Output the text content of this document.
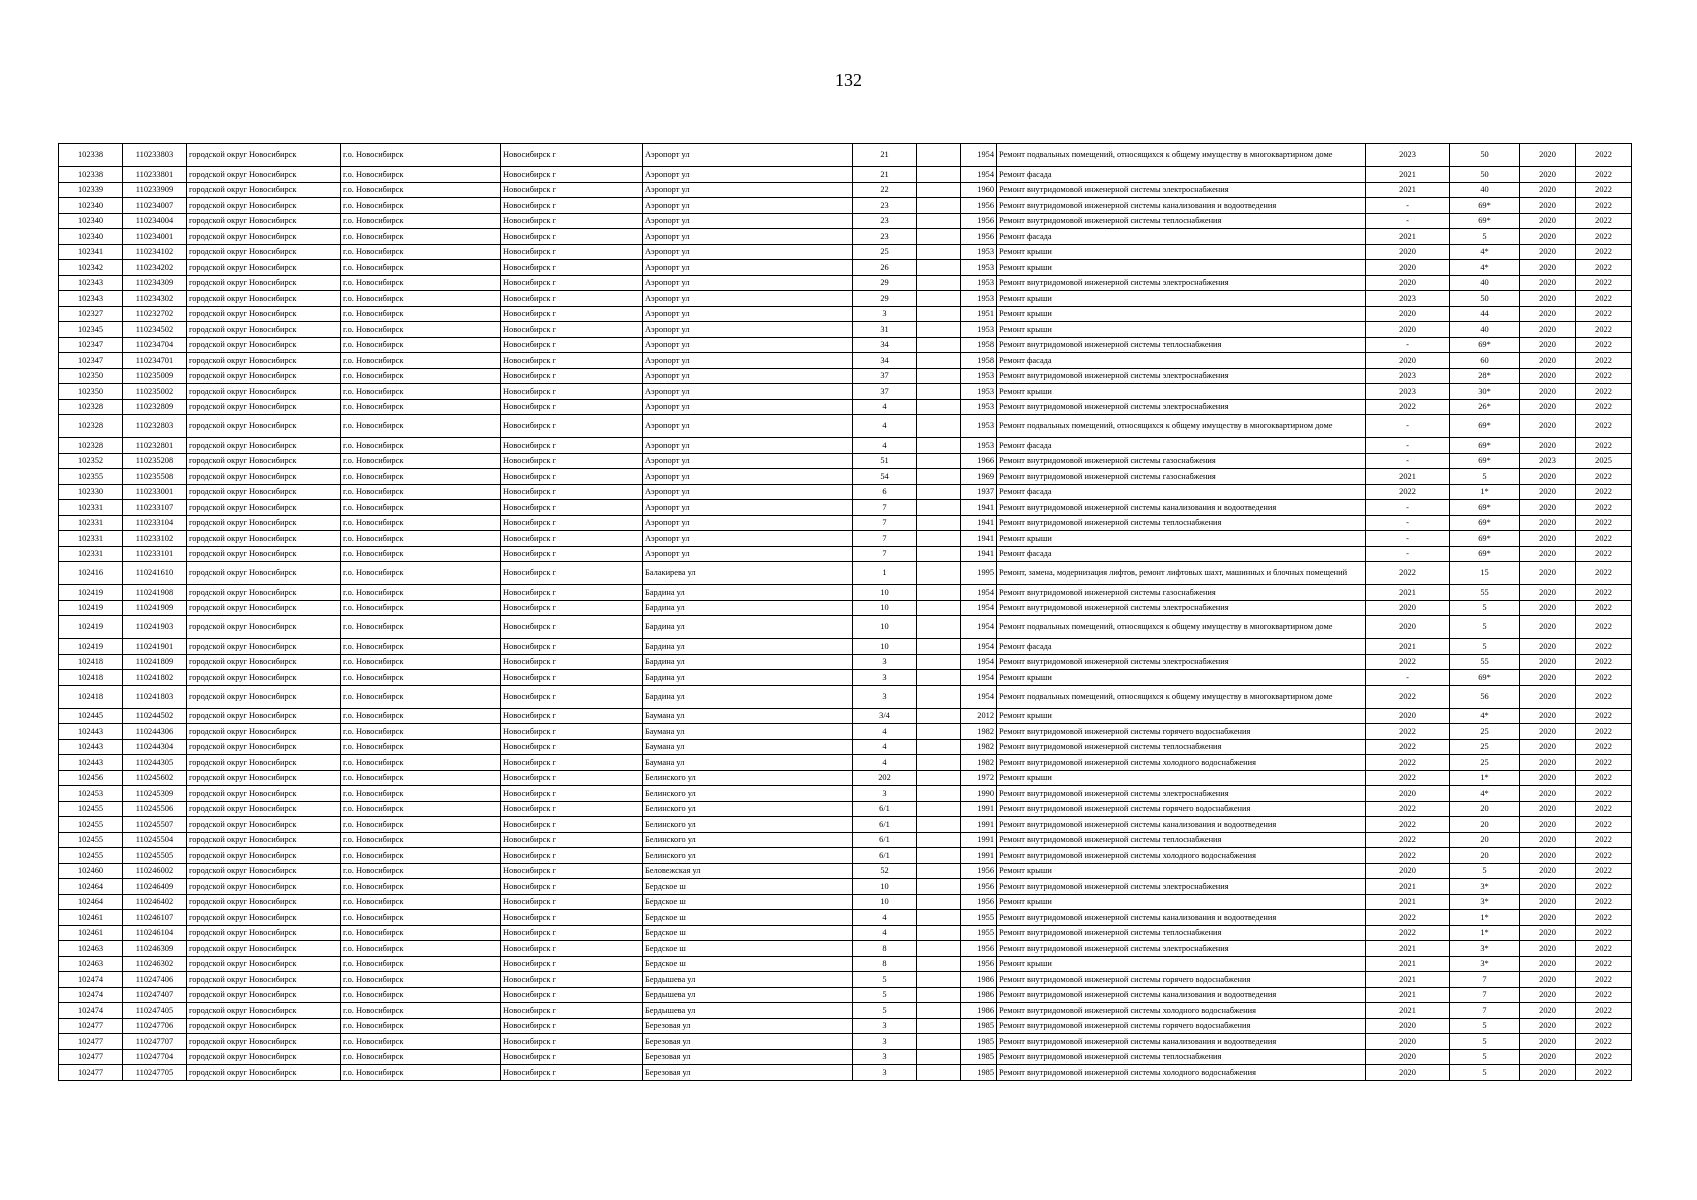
132
102338	110233803	городской округ Новосибирск	г.о. Новосибирск	Новосибирск г	Аэропорт ул	21		1954	Ремонт подвальных помещений, относящихся к общему имуществу в многоквартирном доме	2023	50	2020	2022
102338	110233801	городской округ Новосибирск	г.о. Новосибирск	Новосибирск г	Аэропорт ул	21		1954	Ремонт фасада	2021	50	2020	2022
102339	110233909	городской округ Новосибирск	г.о. Новосибирск	Новосибирск г	Аэропорт ул	22		1960	Ремонт внутридомовой инженерной системы электроснабжения	2021	40	2020	2022
102340	110234007	городской округ Новосибирск	г.о. Новосибирск	Новосибирск г	Аэропорт ул	23		1956	Ремонт внутридомовой инженерной системы канализования и водоотведения	-	69*	2020	2022
102340	110234004	городской округ Новосибирск	г.о. Новосибирск	Новосибирск г	Аэропорт ул	23		1956	Ремонт внутридомовой инженерной системы теплоснабжения	-	69*	2020	2022
102340	110234001	городской округ Новосибирск	г.о. Новосибирск	Новосибирск г	Аэропорт ул	23		1956	Ремонт фасада	2021	5	2020	2022
102341	110234102	городской округ Новосибирск	г.о. Новосибирск	Новосибирск г	Аэропорт ул	25		1953	Ремонт крыши	2020	4*	2020	2022
102342	110234202	городской округ Новосибирск	г.о. Новосибирск	Новосибирск г	Аэропорт ул	26		1953	Ремонт крыши	2020	4*	2020	2022
102343	110234309	городской округ Новосибирск	г.о. Новосибирск	Новосибирск г	Аэропорт ул	29		1953	Ремонт внутридомовой инженерной системы электроснабжения	2020	40	2020	2022
102343	110234302	городской округ Новосибирск	г.о. Новосибирск	Новосибирск г	Аэропорт ул	29		1953	Ремонт крыши	2023	50	2020	2022
102327	110232702	городской округ Новосибирск	г.о. Новосибирск	Новосибирск г	Аэропорт ул	3		1951	Ремонт крыши	2020	44	2020	2022
102345	110234502	городской округ Новосибирск	г.о. Новосибирск	Новосибирск г	Аэропорт ул	31		1953	Ремонт крыши	2020	40	2020	2022
102347	110234704	городской округ Новосибирск	г.о. Новосибирск	Новосибирск г	Аэропорт ул	34		1958	Ремонт внутридомовой инженерной системы теплоснабжения	-	69*	2020	2022
102347	110234701	городской округ Новосибирск	г.о. Новосибирск	Новосибирск г	Аэропорт ул	34		1958	Ремонт фасада	2020	60	2020	2022
102350	110235009	городской округ Новосибирск	г.о. Новосибирск	Новосибирск г	Аэропорт ул	37		1953	Ремонт внутридомовой инженерной системы электроснабжения	2023	28*	2020	2022
102350	110235002	городской округ Новосибирск	г.о. Новосибирск	Новосибирск г	Аэропорт ул	37		1953	Ремонт крыши	2023	30*	2020	2022
102328	110232809	городской округ Новосибирск	г.о. Новосибирск	Новосибирск г	Аэропорт ул	4		1953	Ремонт внутридомовой инженерной системы электроснабжения	2022	26*	2020	2022
102328	110232803	городской округ Новосибирск	г.о. Новосибирск	Новосибирск г	Аэропорт ул	4		1953	Ремонт подвальных помещений, относящихся к общему имуществу в многоквартирном доме	-	69*	2020	2022
102328	110232801	городской округ Новосибирск	г.о. Новосибирск	Новосибирск г	Аэропорт ул	4		1953	Ремонт фасада	-	69*	2020	2022
102352	110235208	городской округ Новосибирск	г.о. Новосибирск	Новосибирск г	Аэропорт ул	51		1966	Ремонт внутридомовой инженерной системы газоснабжения	-	69*	2023	2025
102355	110235508	городской округ Новосибирск	г.о. Новосибирск	Новосибирск г	Аэропорт ул	54		1969	Ремонт внутридомовой инженерной системы газоснабжения	2021	5	2020	2022
102330	110233001	городской округ Новосибирск	г.о. Новосибирск	Новосибирск г	Аэропорт ул	6		1937	Ремонт фасада	2022	1*	2020	2022
102331	110233107	городской округ Новосибирск	г.о. Новосибирск	Новосибирск г	Аэропорт ул	7		1941	Ремонт внутридомовой инженерной системы канализования и водоотведения	-	69*	2020	2022
102331	110233104	городской округ Новосибирск	г.о. Новосибирск	Новосибирск г	Аэропорт ул	7		1941	Ремонт внутридомовой инженерной системы теплоснабжения	-	69*	2020	2022
102331	110233102	городской округ Новосибирск	г.о. Новосибирск	Новосибирск г	Аэропорт ул	7		1941	Ремонт крыши	-	69*	2020	2022
102331	110233101	городской округ Новосибирск	г.о. Новосибирск	Новосибирск г	Аэропорт ул	7		1941	Ремонт фасада	-	69*	2020	2022
102416	110241610	городской округ Новосибирск	г.о. Новосибирск	Новосибирск г	Балакирева ул	1		1995	Ремонт, замена, модернизация лифтов, ремонт лифтовых шахт, машинных и блочных помещений	2022	15	2020	2022
102419	110241908	городской округ Новосибирск	г.о. Новосибирск	Новосибирск г	Бардина ул	10		1954	Ремонт внутридомовой инженерной системы газоснабжения	2021	55	2020	2022
102419	110241909	городской округ Новосибирск	г.о. Новосибирск	Новосибирск г	Бардина ул	10		1954	Ремонт внутридомовой инженерной системы электроснабжения	2020	5	2020	2022
102419	110241903	городской округ Новосибирск	г.о. Новосибирск	Новосибирск г	Бардина ул	10		1954	Ремонт подвальных помещений, относящихся к общему имуществу в многоквартирном доме	2020	5	2020	2022
102419	110241901	городской округ Новосибирск	г.о. Новосибирск	Новосибирск г	Бардина ул	10		1954	Ремонт фасада	2021	5	2020	2022
102418	110241809	городской округ Новосибирск	г.о. Новосибирск	Новосибирск г	Бардина ул	3		1954	Ремонт внутридомовой инженерной системы электроснабжения	2022	55	2020	2022
102418	110241802	городской округ Новосибирск	г.о. Новосибирск	Новосибирск г	Бардина ул	3		1954	Ремонт крыши	-	69*	2020	2022
102418	110241803	городской округ Новосибирск	г.о. Новосибирск	Новосибирск г	Бардина ул	3		1954	Ремонт подвальных помещений, относящихся к общему имуществу в многоквартирном доме	2022	56	2020	2022
102445	110244502	городской округ Новосибирск	г.о. Новосибирск	Новосибирск г	Баумана ул	3/4		2012	Ремонт крыши	2020	4*	2020	2022
102443	110244306	городской округ Новосибирск	г.о. Новосибирск	Новосибирск г	Баумана ул	4		1982	Ремонт внутридомовой инженерной системы горячего водоснабжения	2022	25	2020	2022
102443	110244304	городской округ Новосибирск	г.о. Новосибирск	Новосибирск г	Баумана ул	4		1982	Ремонт внутридомовой инженерной системы теплоснабжения	2022	25	2020	2022
102443	110244305	городской округ Новосибирск	г.о. Новосибирск	Новосибирск г	Баумана ул	4		1982	Ремонт внутридомовой инженерной системы холодного водоснабжения	2022	25	2020	2022
102456	110245602	городской округ Новосибирск	г.о. Новосибирск	Новосибирск г	Белинского ул	202		1972	Ремонт крыши	2022	1*	2020	2022
102453	110245309	городской округ Новосибирск	г.о. Новосибирск	Новосибирск г	Белинского ул	3		1990	Ремонт внутридомовой инженерной системы электроснабжения	2020	4*	2020	2022
102455	110245506	городской округ Новосибирск	г.о. Новосибирск	Новосибирск г	Белинского ул	6/1		1991	Ремонт внутридомовой инженерной системы горячего водоснабжения	2022	20	2020	2022
102455	110245507	городской округ Новосибирск	г.о. Новосибирск	Новосибирск г	Белинского ул	6/1		1991	Ремонт внутридомовой инженерной системы канализования и водоотведения	2022	20	2020	2022
102455	110245504	городской округ Новосибирск	г.о. Новосибирск	Новосибирск г	Белинского ул	6/1		1991	Ремонт внутридомовой инженерной системы теплоснабжения	2022	20	2020	2022
102455	110245505	городской округ Новосибирск	г.о. Новосибирск	Новосибирск г	Белинского ул	6/1		1991	Ремонт внутридомовой инженерной системы холодного водоснабжения	2022	20	2020	2022
102460	110246002	городской округ Новосибирск	г.о. Новосибирск	Новосибирск г	Беловежская ул	52		1956	Ремонт крыши	2020	5	2020	2022
102464	110246409	городской округ Новосибирск	г.о. Новосибирск	Новосибирск г	Бердское ш	10		1956	Ремонт внутридомовой инженерной системы электроснабжения	2021	3*	2020	2022
102464	110246402	городской округ Новосибирск	г.о. Новосибирск	Новосибирск г	Бердское ш	10		1956	Ремонт крыши	2021	3*	2020	2022
102461	110246107	городской округ Новосибирск	г.о. Новосибирск	Новосибирск г	Бердское ш	4		1955	Ремонт внутридомовой инженерной системы канализования и водоотведения	2022	1*	2020	2022
102461	110246104	городской округ Новосибирск	г.о. Новосибирск	Новосибирск г	Бердское ш	4		1955	Ремонт внутридомовой инженерной системы теплоснабжения	2022	1*	2020	2022
102463	110246309	городской округ Новосибирск	г.о. Новосибирск	Новосибирск г	Бердское ш	8		1956	Ремонт внутридомовой инженерной системы электроснабжения	2021	3*	2020	2022
102463	110246302	городской округ Новосибирск	г.о. Новосибирск	Новосибирск г	Бердское ш	8		1956	Ремонт крыши	2021	3*	2020	2022
102474	110247406	городской округ Новосибирск	г.о. Новосибирск	Новосибирск г	Бердышева ул	5		1986	Ремонт внутридомовой инженерной системы горячего водоснабжения	2021	7	2020	2022
102474	110247407	городской округ Новосибирск	г.о. Новосибирск	Новосибирск г	Бердышева ул	5		1986	Ремонт внутридомовой инженерной системы канализования и водоотведения	2021	7	2020	2022
102474	110247405	городской округ Новосибирск	г.о. Новосибирск	Новосибирск г	Бердышева ул	5		1986	Ремонт внутридомовой инженерной системы холодного водоснабжения	2021	7	2020	2022
102477	110247706	городской округ Новосибирск	г.о. Новосибирск	Новосибирск г	Березовая ул	3		1985	Ремонт внутридомовой инженерной системы горячего водоснабжения	2020	5	2020	2022
102477	110247707	городской округ Новосибирск	г.о. Новосибирск	Новосибирск г	Березовая ул	3		1985	Ремонт внутридомовой инженерной системы канализования и водоотведения	2020	5	2020	2022
102477	110247704	городской округ Новосибирск	г.о. Новосибирск	Новосибирск г	Березовая ул	3		1985	Ремонт внутридомовой инженерной системы теплоснабжения	2020	5	2020	2022
102477	110247705	городской округ Новосибирск	г.о. Новосибирск	Новосибирск г	Березовая ул	3		1985	Ремонт внутридомовой инженерной системы холодного водоснабжения	2020	5	2020	2022
